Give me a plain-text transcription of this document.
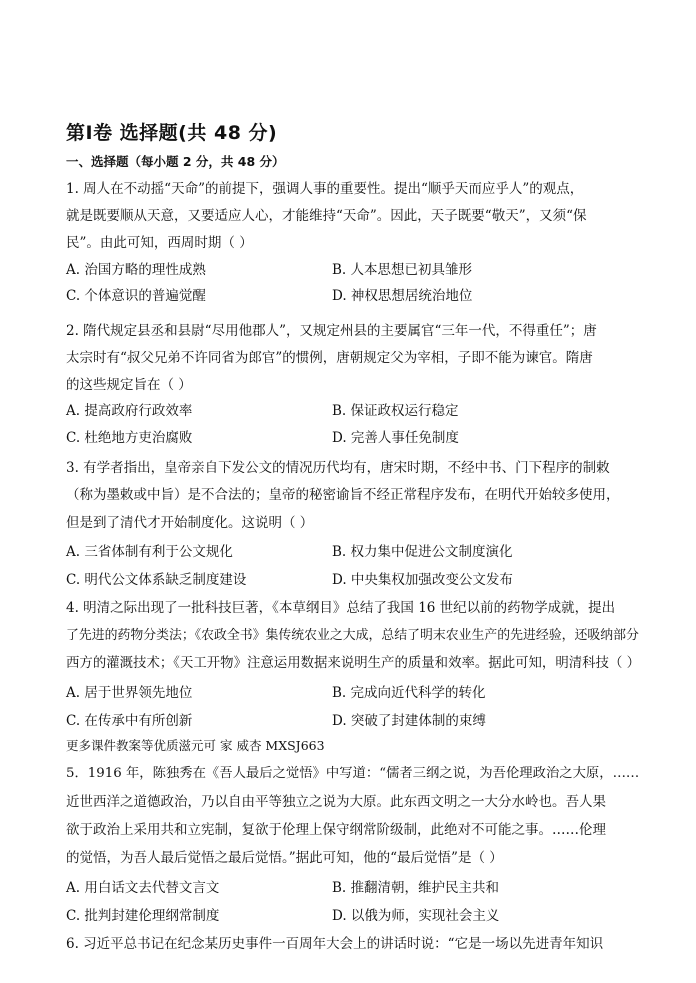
第Ⅰ卷 选择题(共 48 分)
一、选择题（每小题 2 分，共 48 分）
1. 周人在不动摇“天命”的前提下，强调人事的重要性。提出“顺乎天而应乎人”的观点，
就是既要顺从天意，又要适应人心，才能维持“天命”。因此，天子既要“敬天”，又须“保
民”。由此可知，西周时期（ ）
A. 治国方略的理性成熟	B. 人本思想已初具雏形
C. 个体意识的普遍觉醒	D. 神权思想居统治地位
2. 隋代规定县丞和县尉“尽用他郡人”，又规定州县的主要属官“三年一代，不得重任”；唐
太宗时有“叔父兄弟不许同省为郎官”的惯例，唐朝规定父为宰相，子即不能为谏官。隋唐
的这些规定旨在（ ）
A. 提高政府行政效率	B. 保证政权运行稳定
C. 杜绝地方吏治腐败	D. 完善人事任免制度
3. 有学者指出，皇帝亲自下发公文的情况历代均有，唐宋时期，不经中书、门下程序的制敕
（称为墨敕或中旨）是不合法的；皇帝的秘密谕旨不经正常程序发布，在明代开始较多使用，
但是到了清代才开始制度化。这说明（ ）
A. 三省体制有利于公文规化	B. 权力集中促进公文制度演化
C. 明代公文体系缺乏制度建设	D. 中央集权加强改变公文发布
4. 明清之际出现了一批科技巨著，《本草纲目》总结了我国 16 世纪以前的药物学成就，提出
了先进的药物分类法；《农政全书》集传统农业之大成，总结了明末农业生产的先进经验，还吸纳部分
西方的灌溉技术；《天工开物》注意运用数据来说明生产的质量和效率。据此可知，明清科技（ ）
A. 居于世界领先地位	B. 完成向近代科学的转化
C. 在传承中有所创新	D. 突破了封建体制的束缚
更多课件教案等优质滋元可 家 威杏 MXSJ663
5．1916 年，陈独秀在《吾人最后之觉悟》中写道：“儒者三纲之说，为吾伦理政治之大原，……
近世西洋之道德政治，乃以自由平等独立之说为大原。此东西文明之一大分水岭也。吾人果
欲于政治上采用共和立宪制，复欲于伦理上保守纲常阶级制，此绝对不可能之事。……伦理
的觉悟，为吾人最后觉悟之最后觉悟。”据此可知，他的“最后觉悟”是（ ）
A. 用白话文去代替文言文	B. 推翻清朝，维护民主共和
C. 批判封建伦理纲常制度	D. 以俄为师，实现社会主义
6. 习近平总书记在纪念某历史事件一百周年大会上的讲话时说：“它是一场以先进青年知识
